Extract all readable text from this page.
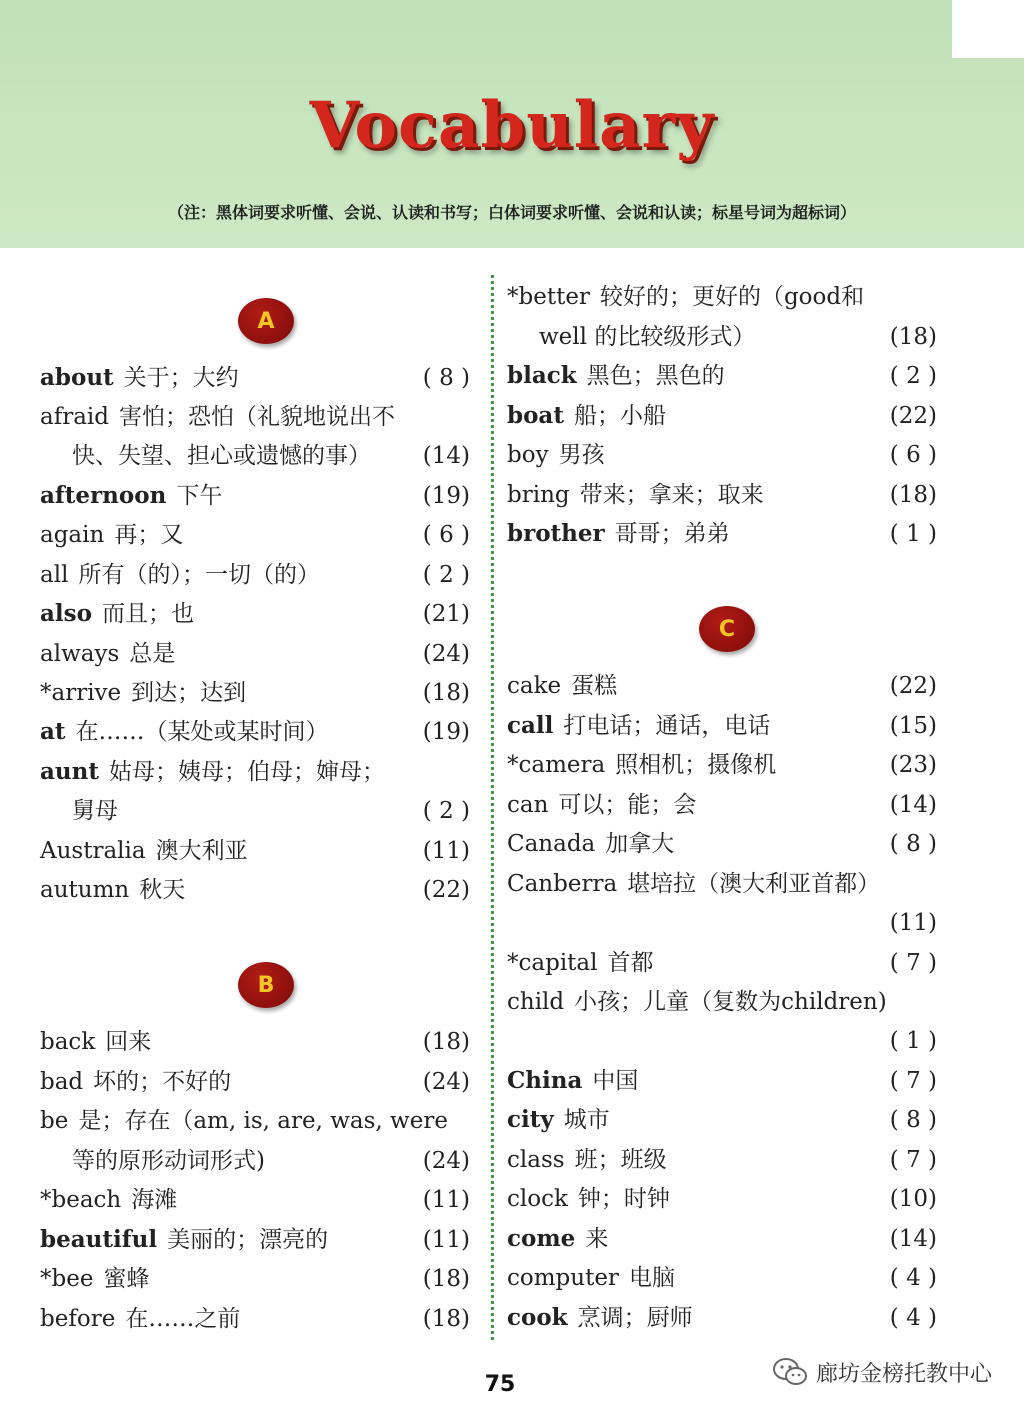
Vocabulary
（注：黑体词要求听懂、会说、认读和书写；白体词要求听懂、会说和认读；标星号词为超标词）
A
about 关于；大约	( 8 )
afraid 害怕；恐怕（礼貌地说出不
快、失望、担心或遗憾的事） (14)
afternoon 下午	(19)
again 再；又	( 6 )
all 所有（的）；一切（的）	( 2 )
also 而且；也	(21)
always 总是	(24)
*arrive 到达；达到	(18)
at 在……（某处或某时间）	(19)
aunt 姑母；姨母；伯母；婶母；
舅母	( 2 )
Australia 澳大利亚	(11)
autumn 秋天	(22)
B
back 回来	(18)
bad 坏的；不好的	(24)
be 是；存在（am, is, are, was, were
等的原形动词形式)	(24)
*beach 海滩	(11)
beautiful 美丽的；漂亮的	(11)
*bee 蜜蜂	(18)
before 在……之前	(18)
*better 较好的；更好的（good和
well 的比较级形式）	(18)
black 黑色；黑色的	( 2 )
boat 船；小船	(22)
boy 男孩	( 6 )
bring 带来；拿来；取来	(18)
brother 哥哥；弟弟	( 1 )
C
cake 蛋糕	(22)
call 打电话；通话，电话	(15)
*camera 照相机；摄像机	(23)
can 可以；能；会	(14)
Canada 加拿大	( 8 )
Canberra 堪培拉（澳大利亚首都）
(11)
*capital 首都	( 7 )
child 小孩；儿童（复数为children)
( 1 )
China 中国	( 7 )
city 城市	( 8 )
class 班；班级	( 7 )
clock 钟；时钟	(10)
come 来	(14)
computer 电脑	( 4 )
cook 烹调；厨师	( 4 )
75	廊坊金榜托教中心
